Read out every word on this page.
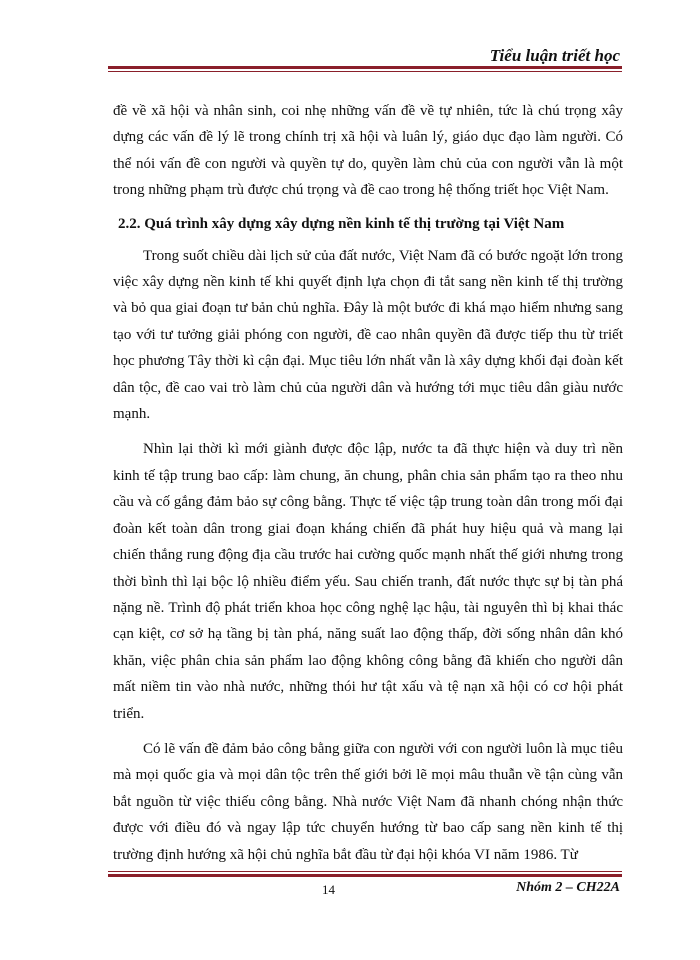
Tiểu luận triết học

đề về xã hội và nhân sinh, coi nhẹ những vấn đề về tự nhiên, tức là chú trọng xây dựng các vấn đề lý lẽ trong chính trị xã hội và luân lý, giáo dục đạo làm người. Có thể nói vấn đề con người và quyền tự do, quyền làm chủ của con người vẫn là một trong những phạm trù được chú trọng và đề cao trong hệ thống triết học Việt Nam.

2.2. Quá trình xây dựng xây dựng nền kinh tế thị trường tại Việt Nam

Trong suốt chiều dài lịch sử của đất nước, Việt Nam đã có bước ngoặt lớn trong việc xây dựng nền kinh tế khi quyết định lựa chọn đi tắt sang nền kinh tế thị trường và bỏ qua giai đoạn tư bản chủ nghĩa. Đây là một bước đi khá mạo hiểm nhưng sang tạo với tư tưởng giải phóng con người, đề cao nhân quyền đã được tiếp thu từ triết học phương Tây thời kì cận đại. Mục tiêu lớn nhất vẫn là xây dựng khối đại đoàn kết dân tộc, đề cao vai trò làm chủ của người dân và hướng tới mục tiêu dân giàu nước mạnh.

Nhìn lại thời kì mới giành được độc lập, nước ta đã thực hiện và duy trì nền kinh tế tập trung bao cấp: làm chung, ăn chung, phân chia sản phẩm tạo ra theo nhu cầu và cố gắng đảm bảo sự công bằng. Thực tế việc tập trung toàn dân trong mối đại đoàn kết toàn dân trong giai đoạn kháng chiến đã phát huy hiệu quả và mang lại chiến thắng rung động địa cầu trước hai cường quốc mạnh nhất thế giới nhưng trong thời bình thì lại bộc lộ nhiều điểm yếu. Sau chiến tranh, đất nước thực sự bị tàn phá nặng nề. Trình độ phát triển khoa học công nghệ lạc hậu, tài nguyên thì bị khai thác cạn kiệt, cơ sở hạ tầng bị tàn phá, năng suất lao động thấp, đời sống nhân dân khó khăn, việc phân chia sản phẩm lao động không công bằng đã khiến cho người dân mất niềm tin vào nhà nước, những thói hư tật xấu và tệ nạn xã hội có cơ hội phát triển.

Có lẽ vấn đề đảm bảo công bằng giữa con người với con người luôn là mục tiêu mà mọi quốc gia và mọi dân tộc trên thế giới bởi lẽ mọi mâu thuẫn về tận cùng vẫn bắt nguồn từ việc thiếu công bằng. Nhà nước Việt Nam đã nhanh chóng nhận thức được với điều đó và ngay lập tức chuyển hướng từ bao cấp sang nền kinh tế thị trường định hướng xã hội chủ nghĩa bắt đầu từ đại hội khóa VI năm 1986. Từ

14	Nhóm 2 – CH22A
